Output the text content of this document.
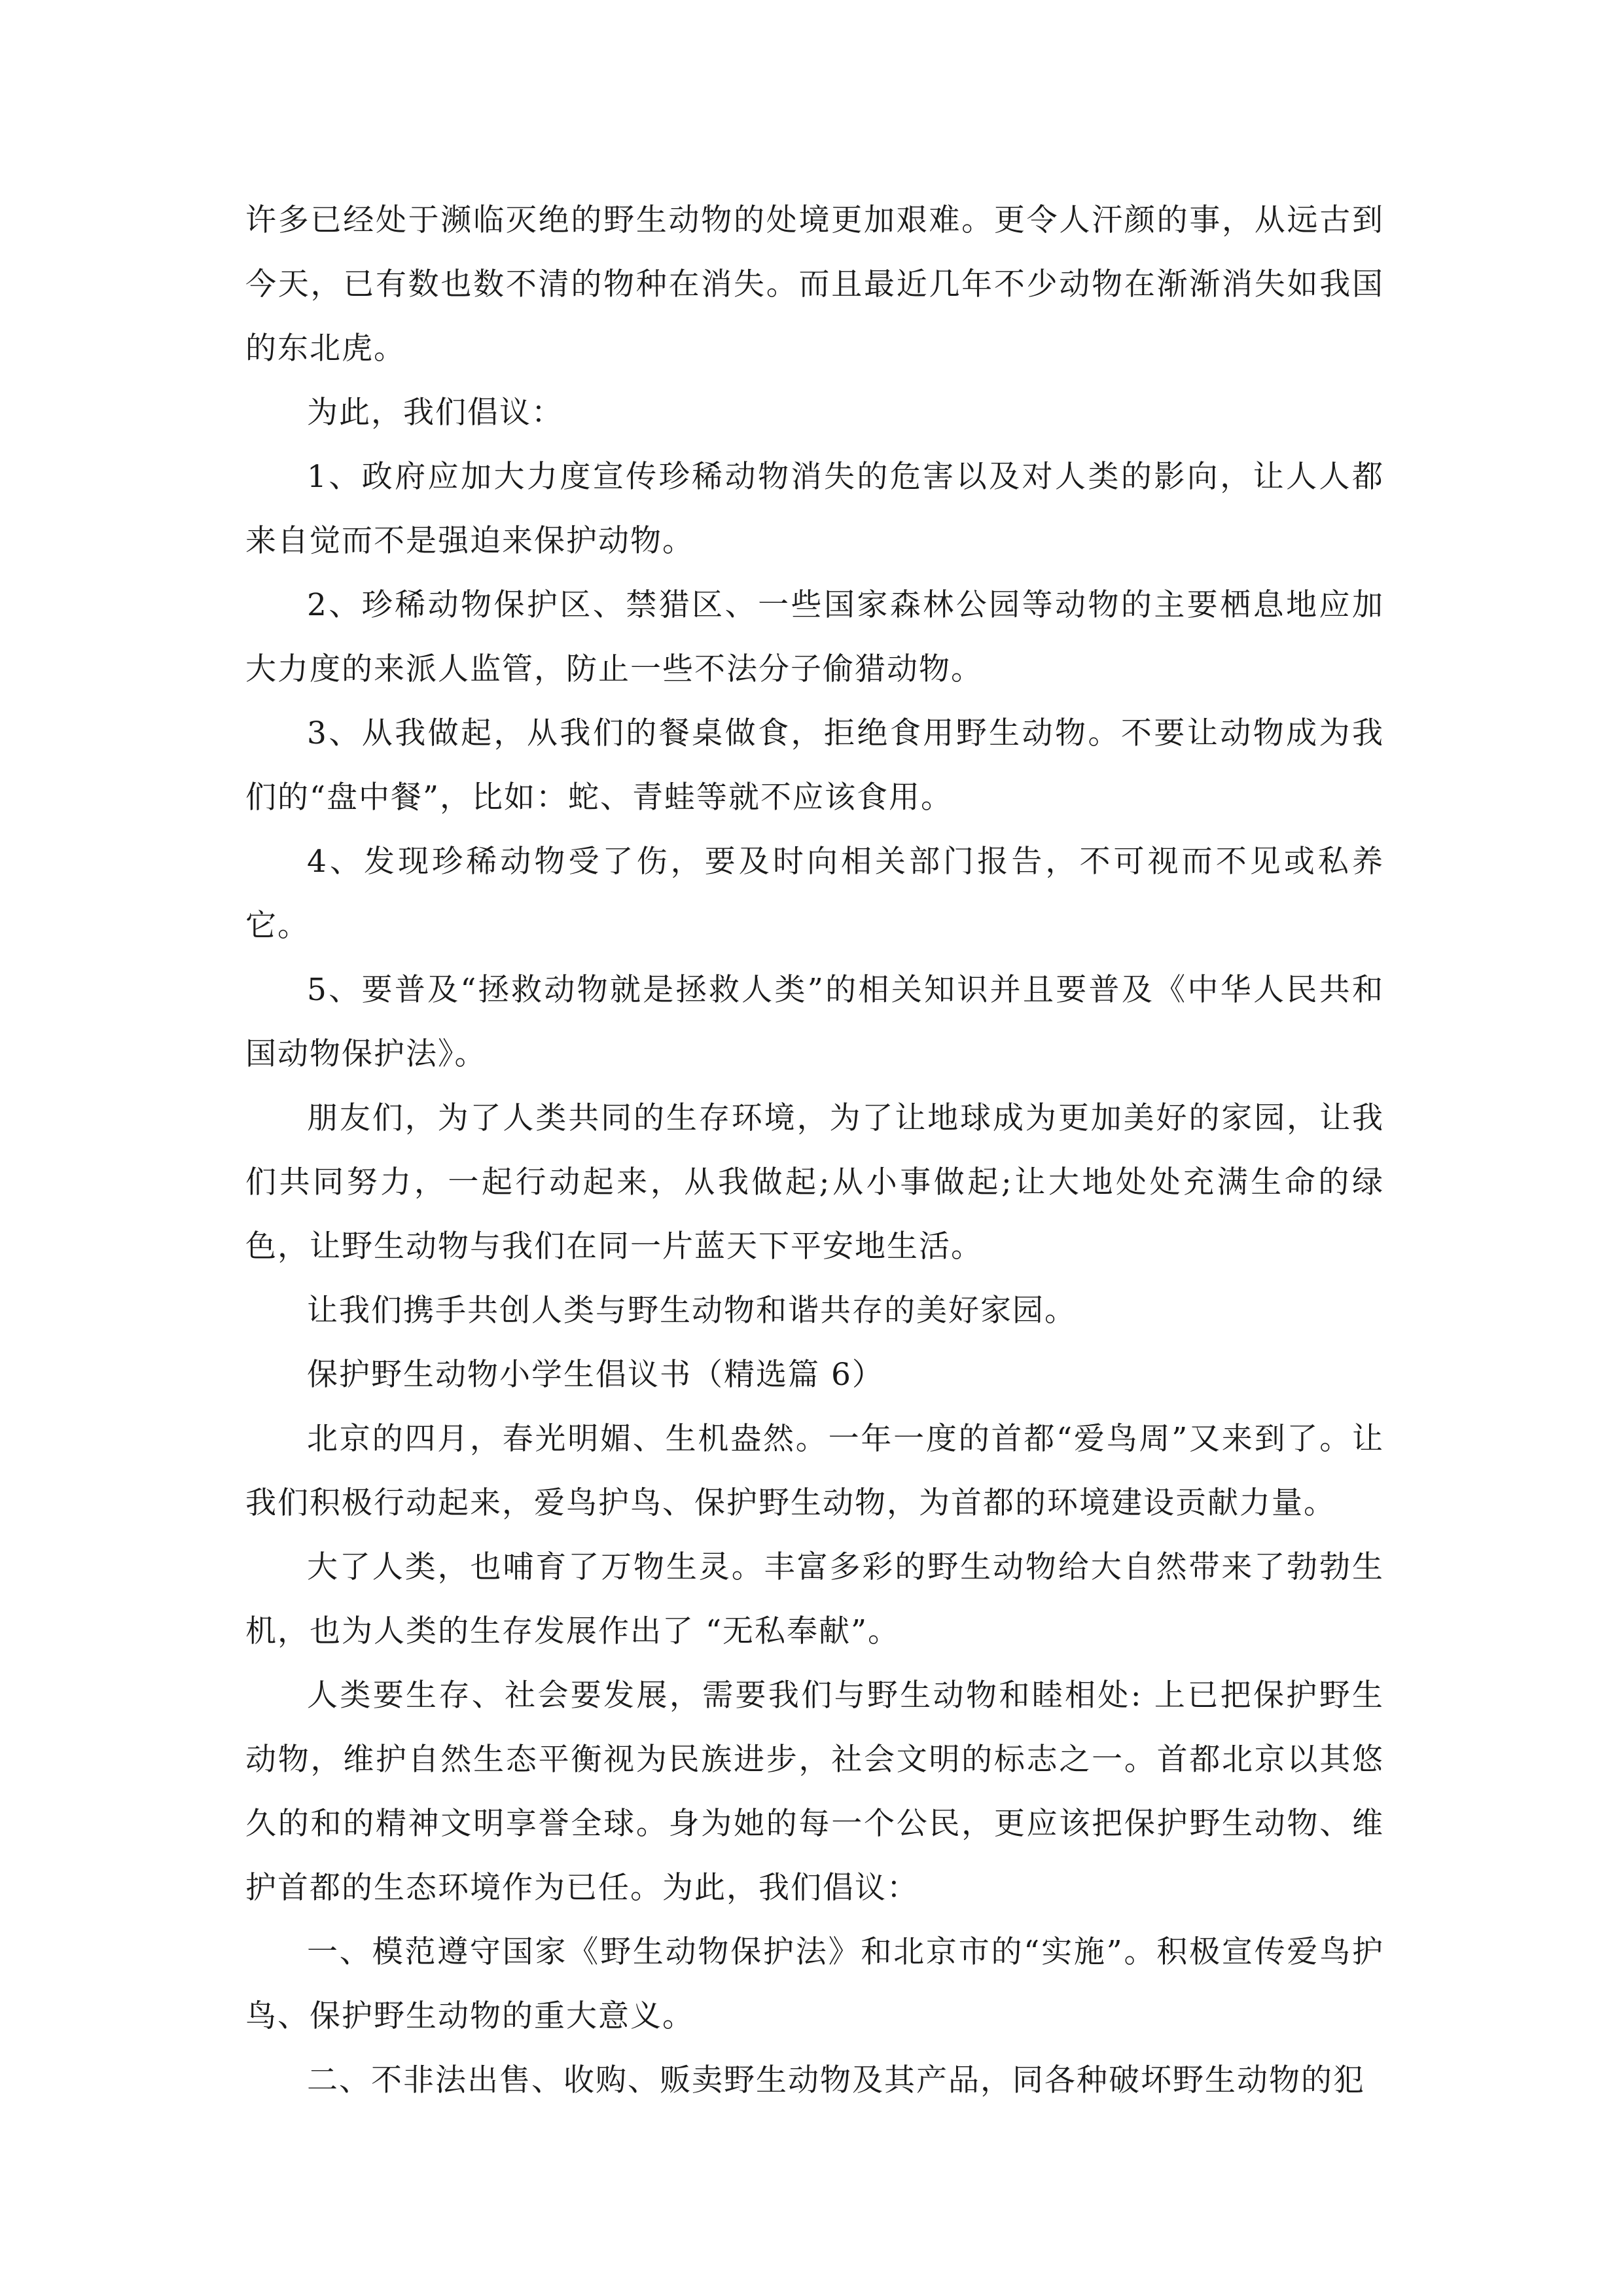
许多已经处于濒临灭绝的野生动物的处境更加艰难。更令人汗颜的事，从远古到今天，已有数也数不清的物种在消失。而且最近几年不少动物在渐渐消失如我国的东北虎。

为此，我们倡议：

1、政府应加大力度宣传珍稀动物消失的危害以及对人类的影向，让人人都来自觉而不是强迫来保护动物。

2、珍稀动物保护区、禁猎区、一些国家森林公园等动物的主要栖息地应加大力度的来派人监管，防止一些不法分子偷猎动物。

3、从我做起，从我们的餐桌做食，拒绝食用野生动物。不要让动物成为我们的“盘中餐”，比如：蛇、青蛙等就不应该食用。

4、发现珍稀动物受了伤，要及时向相关部门报告，不可视而不见或私养它。

5、要普及“拯救动物就是拯救人类”的相关知识并且要普及《中华人民共和国动物保护法》。

朋友们，为了人类共同的生存环境，为了让地球成为更加美好的家园，让我们共同努力，一起行动起来，从我做起;从小事做起;让大地处处充满生命的绿色，让野生动物与我们在同一片蓝天下平安地生活。

让我们携手共创人类与野生动物和谐共存的美好家园。

保护野生动物小学生倡议书（精选篇 6）

北京的四月，春光明媚、生机盎然。一年一度的首都“爱鸟周”又来到了。让我们积极行动起来，爱鸟护鸟、保护野生动物，为首都的环境建设贡献力量。

大了人类，也哺育了万物生灵。丰富多彩的野生动物给大自然带来了勃勃生机，也为人类的生存发展作出了 “无私奉献”。

人类要生存、社会要发展，需要我们与野生动物和睦相处: 上已把保护野生动物，维护自然生态平衡视为民族进步，社会文明的标志之一。首都北京以其悠久的和的精神文明享誉全球。身为她的每一个公民，更应该把保护野生动物、维护首都的生态环境作为已任。为此，我们倡议：

一、模范遵守国家《野生动物保护法》和北京市的“实施”。积极宣传爱鸟护鸟、保护野生动物的重大意义。

二、不非法出售、收购、贩卖野生动物及其产品，同各种破坏野生动物的犯
